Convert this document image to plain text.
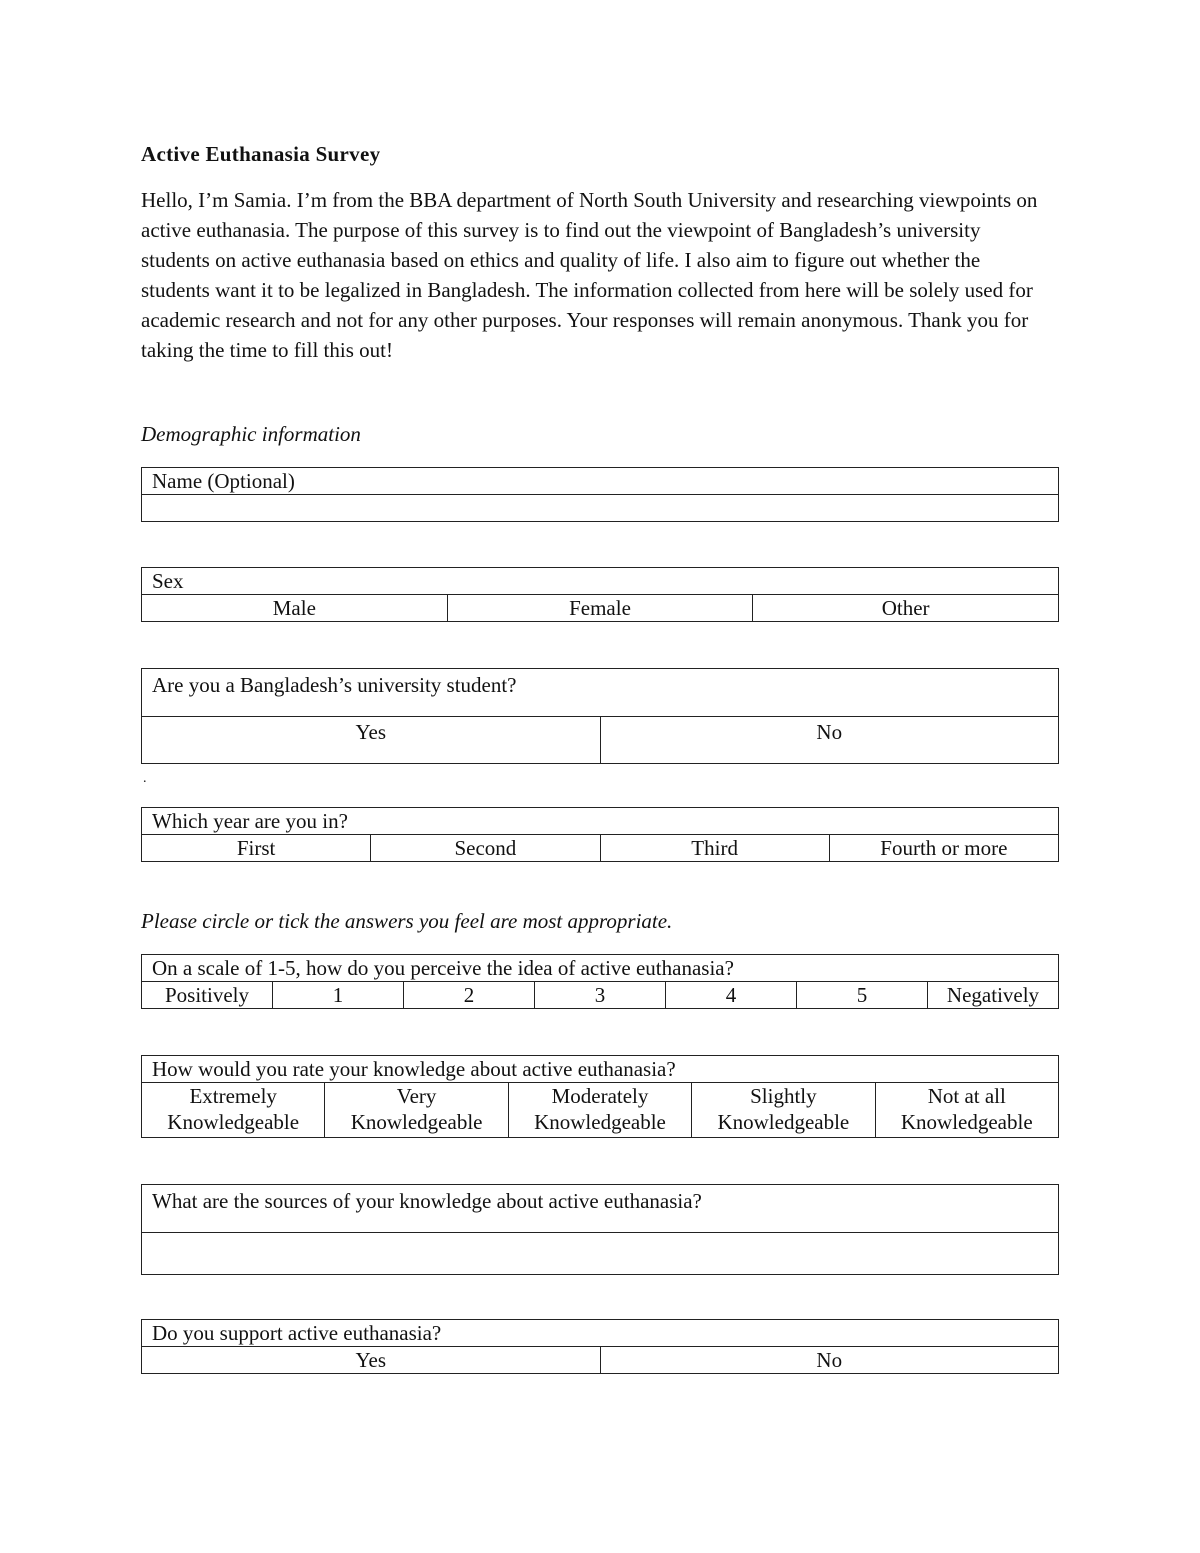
Active Euthanasia Survey

Hello, I’m Samia. I’m from the BBA department of North South University and researching viewpoints on active euthanasia. The purpose of this survey is to find out the viewpoint of Bangladesh’s university students on active euthanasia based on ethics and quality of life. I also aim to figure out whether the students want it to be legalized in Bangladesh. The information collected from here will be solely used for academic research and not for any other purposes. Your responses will remain anonymous. Thank you for taking the time to fill this out!

Demographic information
Name (Optional)

Sex
Male	Female	Other
Are you a Bangladesh’s university student?
Yes	No
.
Which year are you in?
First	Second	Third	Fourth or more
Please circle or tick the answers you feel are most appropriate.
On a scale of 1-5, how do you perceive the idea of active euthanasia?
Positively	1	2	3	4	5	Negatively
How would you rate your knowledge about active euthanasia?

Extremely
Knowledgeable

Very
Knowledgeable

Moderately
Knowledgeable

Slightly
Knowledgeable

Not at all
Knowledgeable
What are the sources of your knowledge about active euthanasia?

Do you support active euthanasia?
Yes	No
